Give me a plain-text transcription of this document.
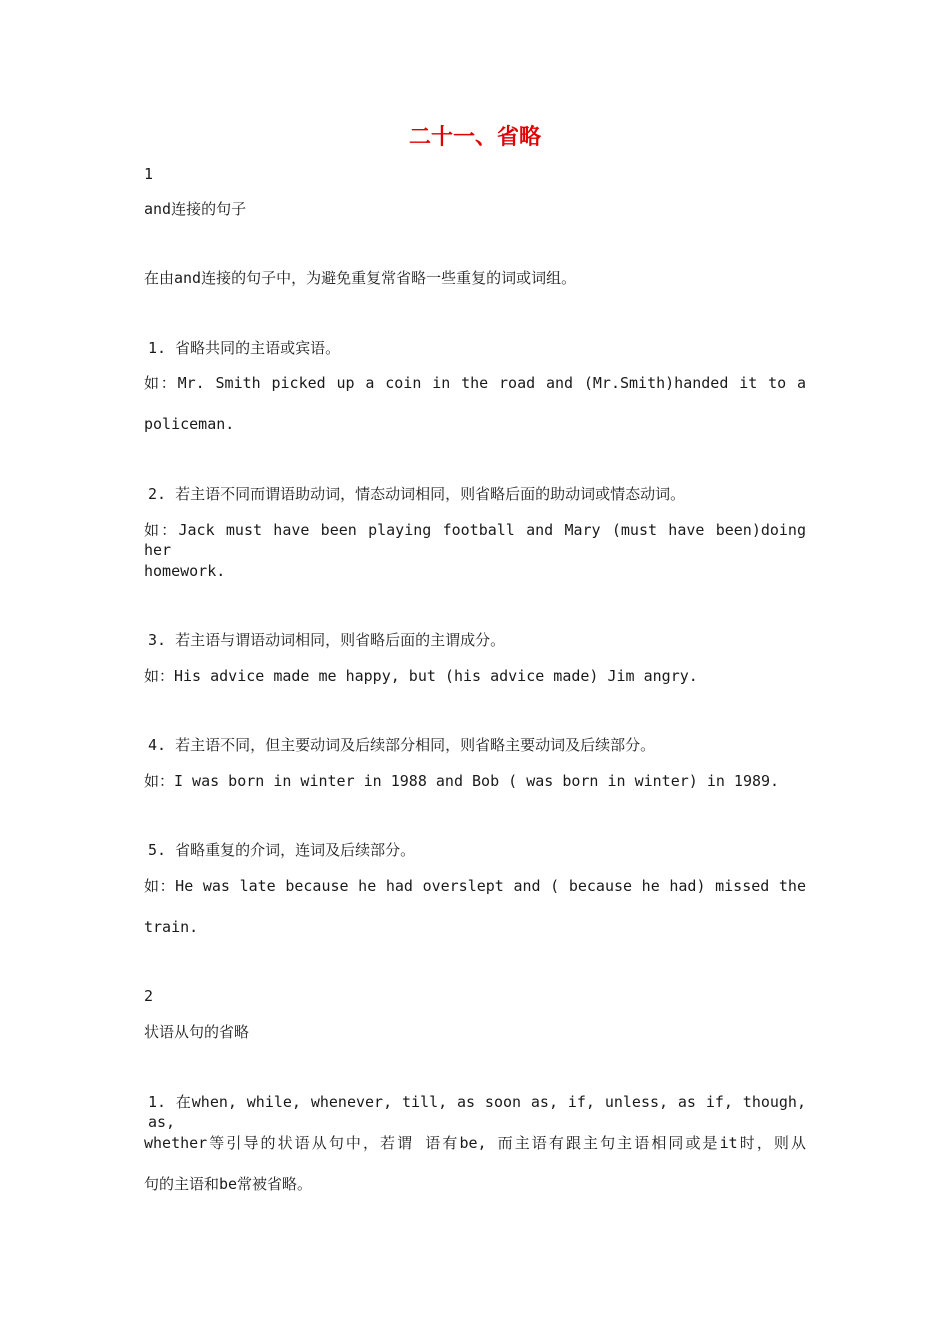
二十一、省略
1
and连接的句子
在由and连接的句子中，为避免重复常省略一些重复的词或词组。
1. 省略共同的主语或宾语。
如：Mr. Smith picked up a coin in the road and (Mr.Smith)handed it to a
policeman.
2. 若主语不同而谓语助动词，情态动词相同，则省略后面的助动词或情态动词。
如：Jack must have been playing football and Mary (must have been)doing her
homework.
3. 若主语与谓语动词相同，则省略后面的主谓成分。
如：His advice made me happy, but (his advice made) Jim angry.
4. 若主语不同，但主要动词及后续部分相同，则省略主要动词及后续部分。
如：I was born in winter in 1988 and Bob ( was born in winter) in 1989.
5. 省略重复的介词，连词及后续部分。
如：He was late because he had overslept and ( because he had) missed the
train.
2
状语从句的省略
1. 在when, while, whenever, till, as soon as, if, unless, as if, though, as,
whether等引导的状语从句中，若谓 语有be, 而主语有跟主句主语相同或是it时，则从
句的主语和be常被省略。
